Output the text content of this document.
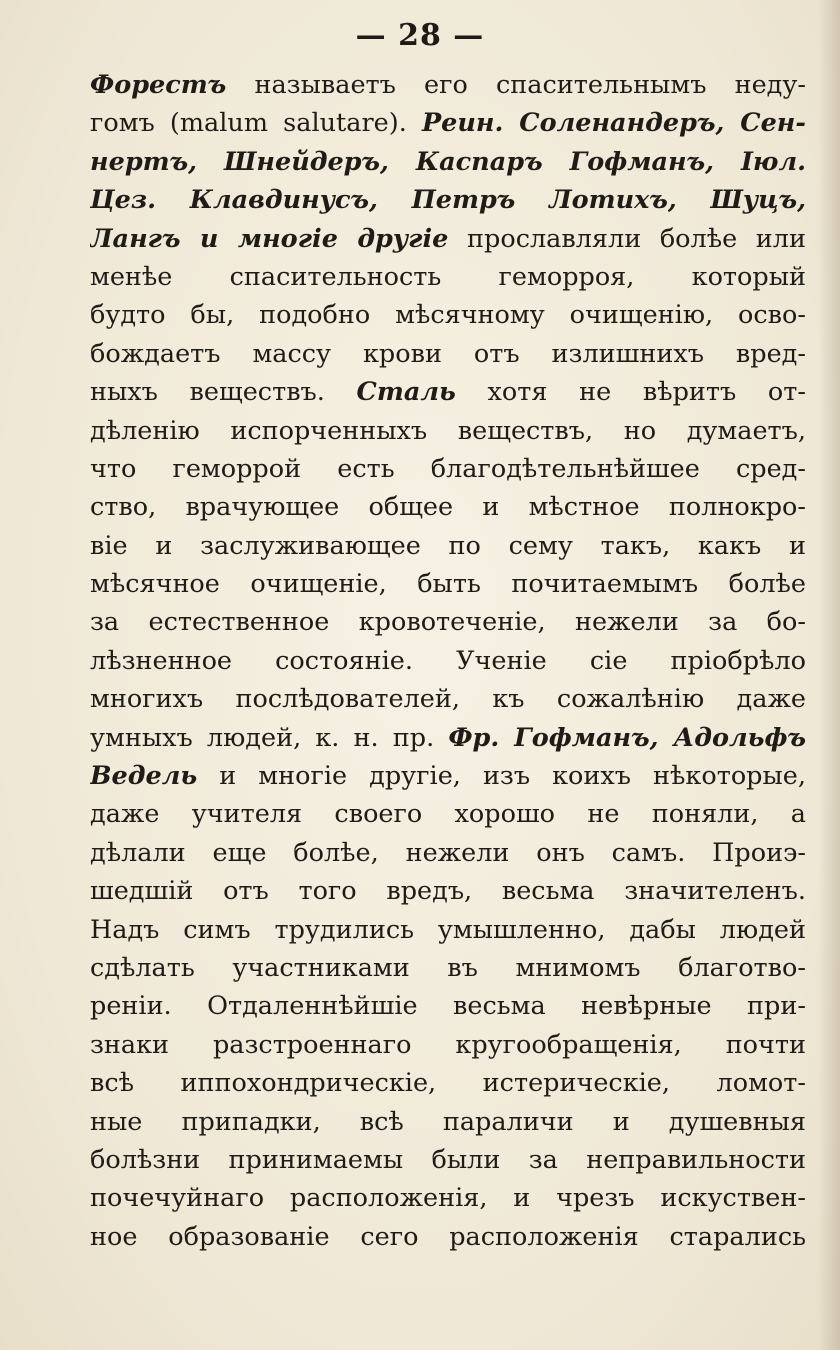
— 28 —
Форестъ называетъ его спасительнымъ неду-
гомъ (malum salutare). Реин. Соленандеръ, Сен-
нертъ, Шнейдеръ, Каспаръ Гофманъ, Іюл.
Цез. Клавдинусъ, Петръ Лотихъ, Шуцъ,
Лангъ и многіе другіе прославляли болѣе или
менѣе спасительность геморроя, который
будто бы, подобно мѣсячному очищенію, осво-
бождаетъ массу крови отъ излишнихъ вред-
ныхъ веществъ. Сталь хотя не вѣритъ от-
дѣленію испорченныхъ веществъ, но думаетъ,
что геморрой есть благодѣтельнѣйшее сред-
ство, врачующее общее и мѣстное полнокро-
віе и заслуживающее по сему такъ, какъ и
мѣсячное очищеніе, быть почитаемымъ болѣе
за естественное кровотеченіе, нежели за бо-
лѣзненное состояніе. Ученіе сіе пріобрѣло
многихъ послѣдователей, къ сожалѣнію даже
умныхъ людей, к. н. пр. Фр. Гофманъ, Адольфъ
Ведель и многіе другіе, изъ коихъ нѣкоторые,
даже учителя своего хорошо не поняли, а
дѣлали еще болѣе, нежели онъ самъ. Проиэ-
шедшій отъ того вредъ, весьма значителенъ.
Надъ симъ трудились умышленно, дабы людей
сдѣлать участниками въ мнимомъ благотво-
реніи. Отдаленнѣйшіе весьма невѣрные при-
знаки разстроеннаго кругообращенія, почти
всѣ иппохондрическіе, истерическіе, ломот-
ные припадки, всѣ параличи и душевныя
болѣзни принимаемы были за неправильности
почечуйнаго расположенія, и чрезъ искуствен-
ное образованіе сего расположенія старались
